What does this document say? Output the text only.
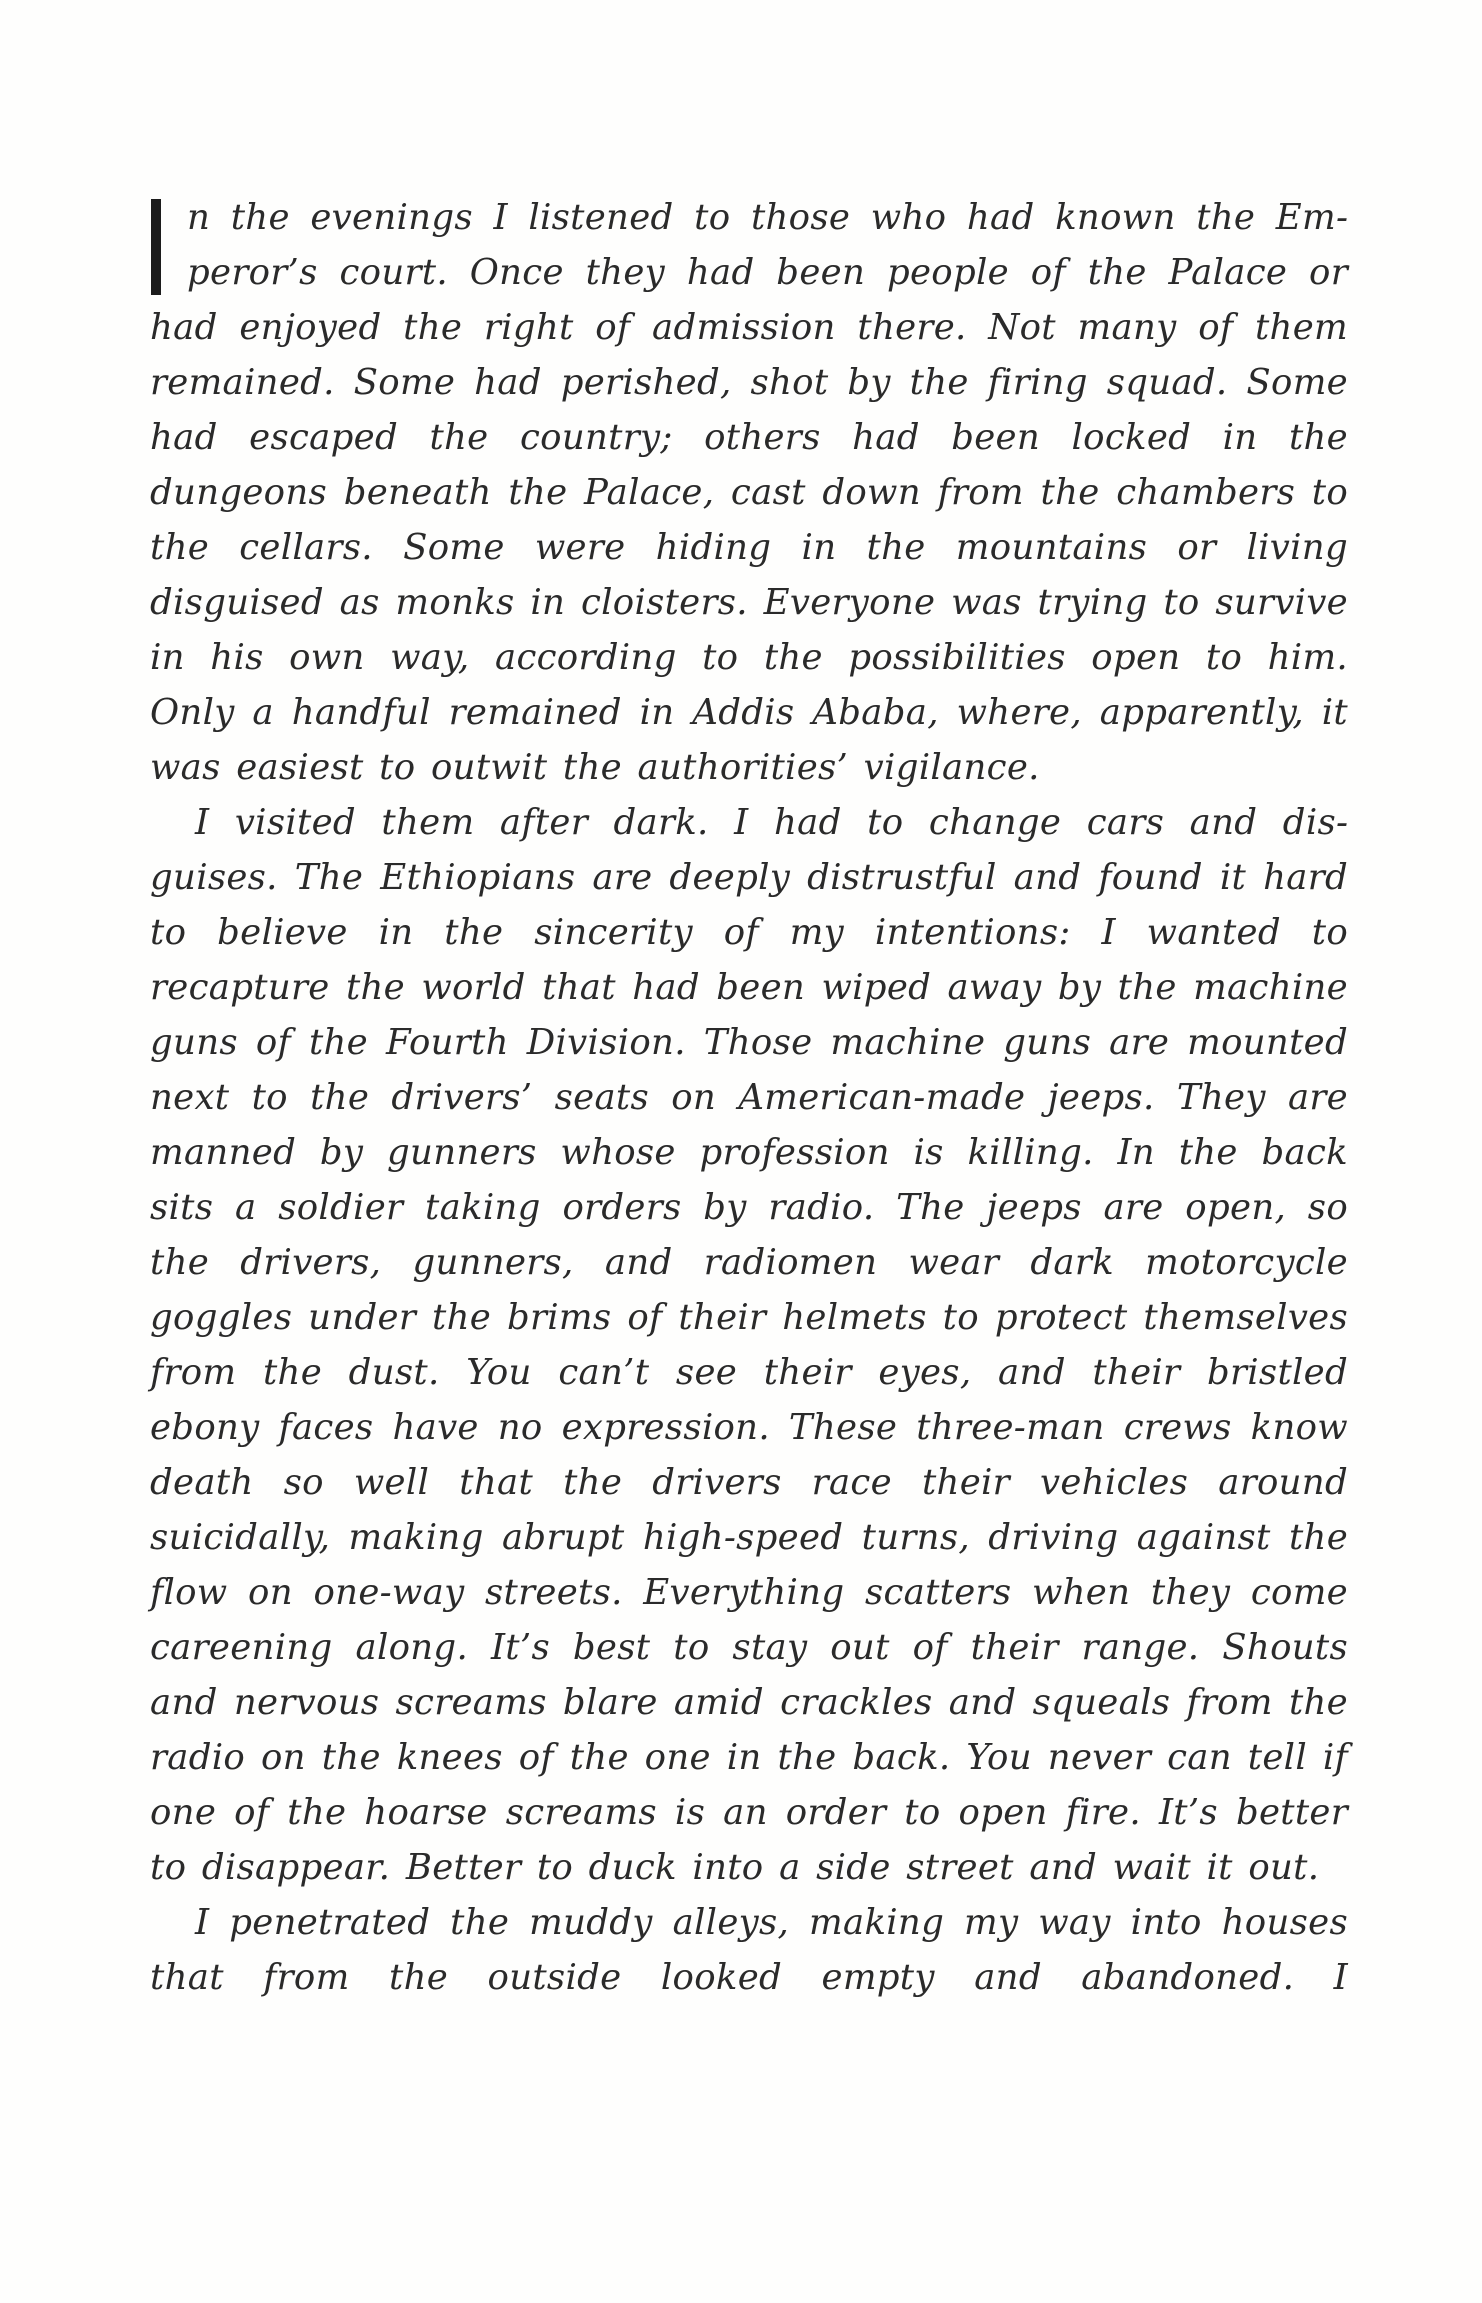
n the evenings I listened to those who had known the Emperor’s court. Once they had been people of the Palace or had enjoyed the right of admission there. Not many of them remained. Some had perished, shot by the firing squad. Some had escaped the country; others had been locked in the dungeons beneath the Palace, cast down from the chambers to the cellars. Some were hiding in the mountains or living disguised as monks in cloisters. Everyone was trying to survive in his own way, according to the possibilities open to him. Only a handful remained in Addis Ababa, where, apparently, it was easiest to outwit the authorities’ vigilance.

I visited them after dark. I had to change cars and disguises. The Ethiopians are deeply distrustful and found it hard to believe in the sincerity of my intentions: I wanted to recapture the world that had been wiped away by the machine guns of the Fourth Division. Those machine guns are mounted next to the drivers’ seats on American-made jeeps. They are manned by gunners whose profession is killing. In the back sits a soldier taking orders by radio. The jeeps are open, so the drivers, gunners, and radiomen wear dark motorcycle goggles under the brims of their helmets to protect themselves from the dust. You can’t see their eyes, and their bristled ebony faces have no expression. These three-man crews know death so well that the drivers race their vehicles around suicidally, making abrupt high-speed turns, driving against the flow on one-way streets. Everything scatters when they come careening along. It’s best to stay out of their range. Shouts and nervous screams blare amid crackles and squeals from the radio on the knees of the one in the back. You never can tell if one of the hoarse screams is an order to open fire. It’s better to disappear. Better to duck into a side street and wait it out.

I penetrated the muddy alleys, making my way into houses that from the outside looked empty and abandoned. I
